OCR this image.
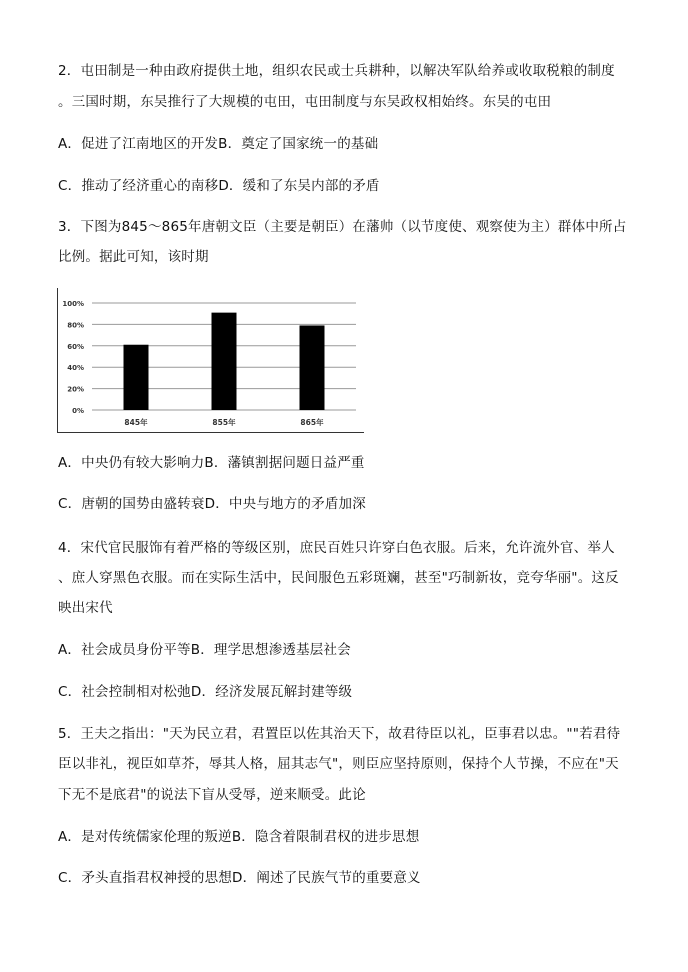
2．屯田制是一种由政府提供土地，组织农民或士兵耕种，以解决军队给养或收取税粮的制度
。三国时期，东吴推行了大规模的屯田，屯田制度与东吴政权相始终。东吴的屯田
A．促进了江南地区的开发B．奠定了国家统一的基础
C．推动了经济重心的南移D．缓和了东吴内部的矛盾
3．下图为845～865年唐朝文臣（主要是朝臣）在藩帅（以节度使、观察使为主）群体中所占
比例。据此可知，该时期
0%
20%
40%
60%
80%
100%
845年	855年	865年
A．中央仍有较大影响力B．藩镇割据问题日益严重
C．唐朝的国势由盛转衰D．中央与地方的矛盾加深
4．宋代官民服饰有着严格的等级区别，庶民百姓只许穿白色衣服。后来，允许流外官、举人
、庶人穿黑色衣服。而在实际生活中，民间服色五彩斑斓，甚至"巧制新妆，竞夸华丽"。这反
映出宋代
A．社会成员身份平等B．理学思想渗透基层社会
C．社会控制相对松弛D．经济发展瓦解封建等级
5．王夫之指出："天为民立君，君置臣以佐其治天下，故君待臣以礼，臣事君以忠。""若君待
臣以非礼，视臣如草芥，辱其人格，屈其志气"，则臣应坚持原则，保持个人节操，不应在"天
下无不是底君"的说法下盲从受辱，逆来顺受。此论
A．是对传统儒家伦理的叛逆B．隐含着限制君权的进步思想
C．矛头直指君权神授的思想D．阐述了民族气节的重要意义
